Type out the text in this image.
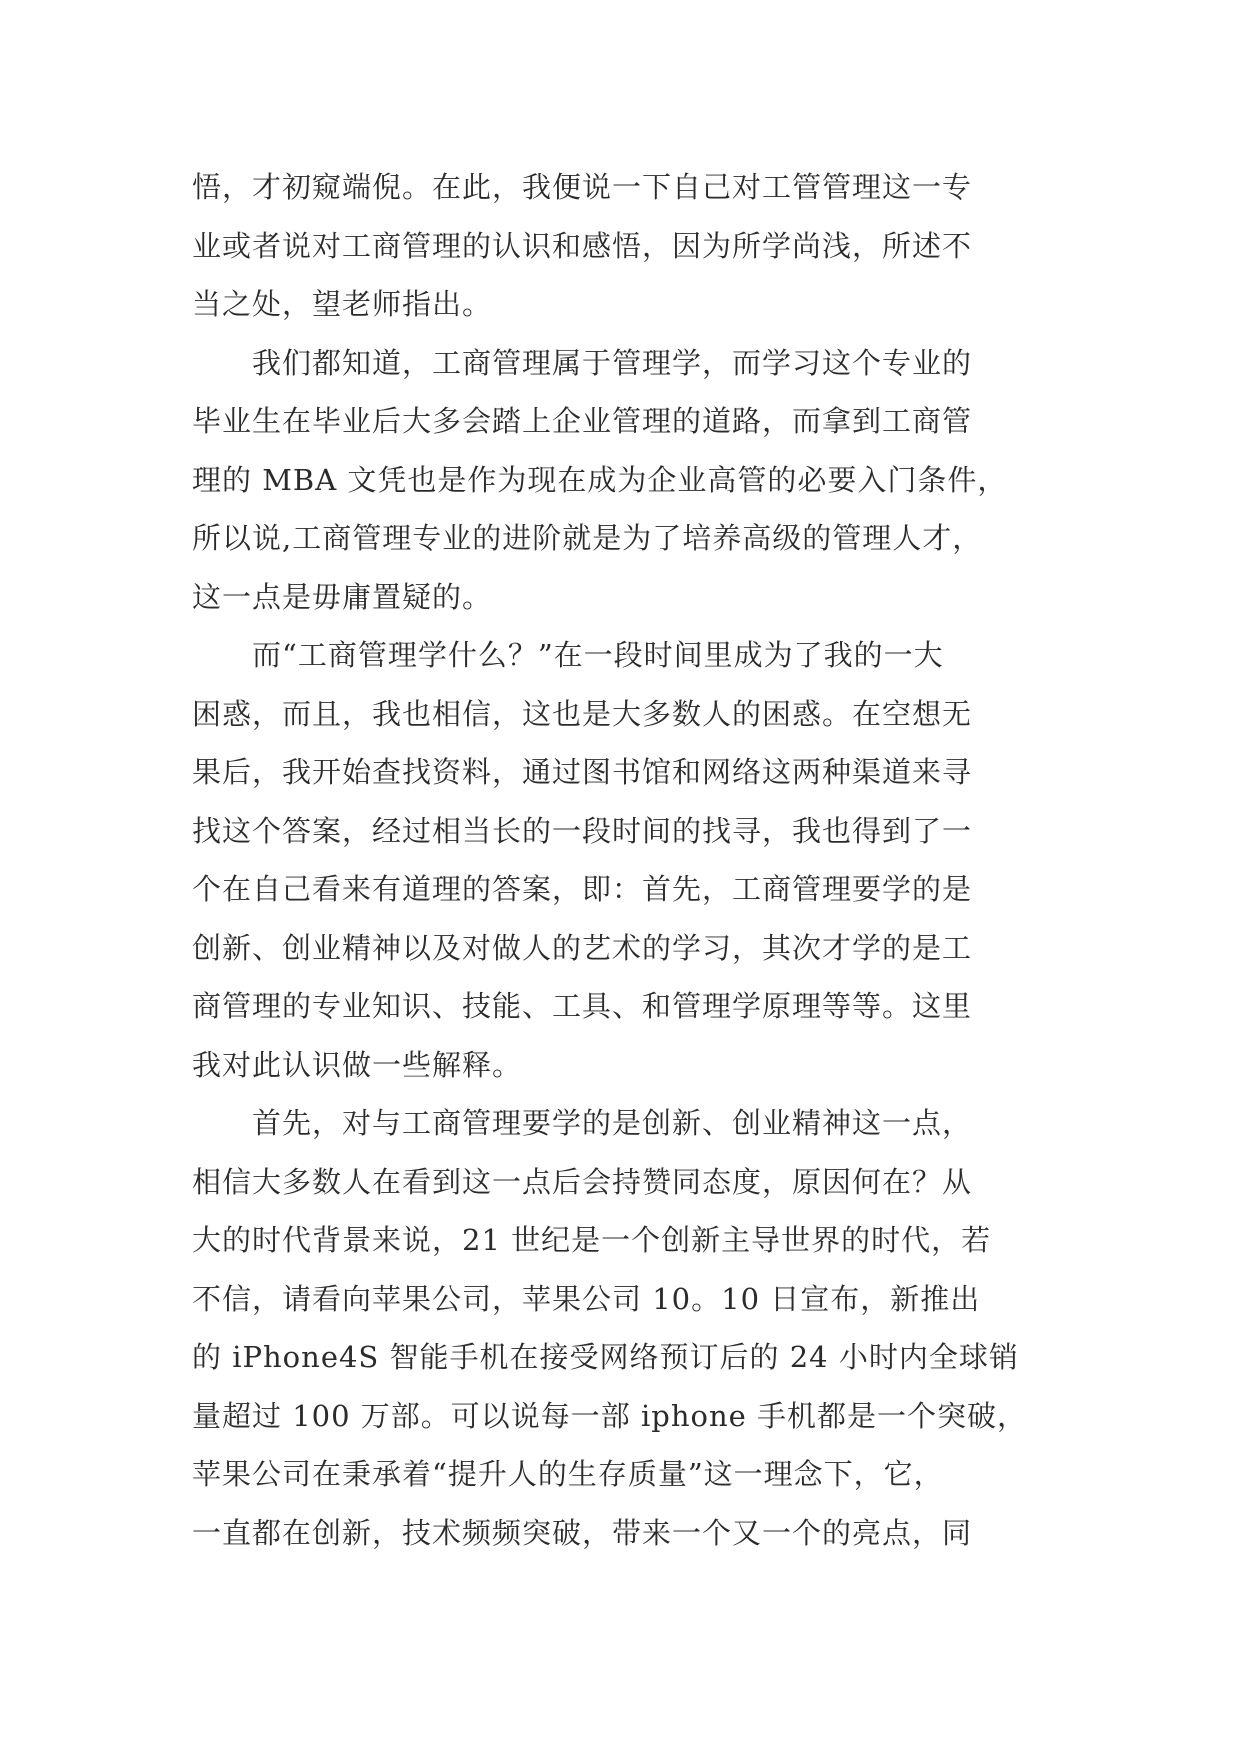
悟，才初窥端倪。在此，我便说一下自己对工管管理这一专
业或者说对工商管理的认识和感悟，因为所学尚浅，所述不
当之处，望老师指出。
　　我们都知道，工商管理属于管理学，而学习这个专业的
毕业生在毕业后大多会踏上企业管理的道路，而拿到工商管
理的 MBA 文凭也是作为现在成为企业高管的必要入门条件，
所以说,工商管理专业的进阶就是为了培养高级的管理人才，
这一点是毋庸置疑的。
　　而“工商管理学什么？”在一段时间里成为了我的一大
困惑，而且，我也相信，这也是大多数人的困惑。在空想无
果后，我开始查找资料，通过图书馆和网络这两种渠道来寻
找这个答案，经过相当长的一段时间的找寻，我也得到了一
个在自己看来有道理的答案，即：首先，工商管理要学的是
创新、创业精神以及对做人的艺术的学习，其次才学的是工
商管理的专业知识、技能、工具、和管理学原理等等。这里
我对此认识做一些解释。
　　首先，对与工商管理要学的是创新、创业精神这一点，
相信大多数人在看到这一点后会持赞同态度，原因何在？从
大的时代背景来说，21 世纪是一个创新主导世界的时代，若
不信，请看向苹果公司，苹果公司 10。10 日宣布，新推出
的 iPhone4S 智能手机在接受网络预订后的 24 小时内全球销
量超过 100 万部。可以说每一部 iphone 手机都是一个突破，
苹果公司在秉承着“提升人的生存质量”这一理念下，它，
一直都在创新，技术频频突破，带来一个又一个的亮点，同
